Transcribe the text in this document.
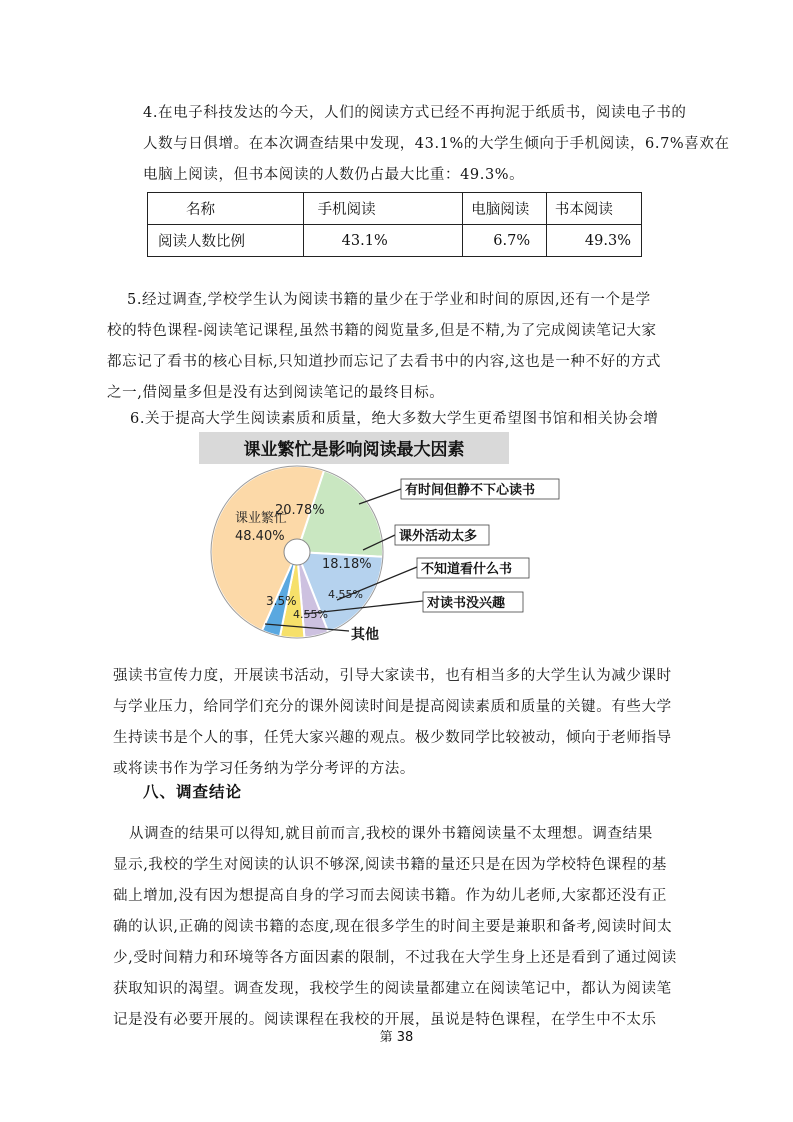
4.在电子科技发达的今天，人们的阅读方式已经不再拘泥于纸质书，阅读电子书的
人数与日俱增。在本次调查结果中发现，43.1%的大学生倾向于手机阅读，6.7%喜欢在
电脑上阅读，但书本阅读的人数仍占最大比重：49.3%。
名称	手机阅读	电脑阅读	书本阅读
阅读人数比例	43.1%	6.7%	49.3%
5.经过调查,学校学生认为阅读书籍的量少在于学业和时间的原因,还有一个是学
校的特色课程-阅读笔记课程,虽然书籍的阅览量多,但是不精,为了完成阅读笔记大家
都忘记了看书的核心目标,只知道抄而忘记了去看书中的内容,这也是一种不好的方式
之一,借阅量多但是没有达到阅读笔记的最终目标。
6.关于提高大学生阅读素质和质量，绝大多数大学生更希望图书馆和相关协会增
课业繁忙是影响阅读最大因素
课业繁忙
48.40%
20.78%
18.18%
4.55%
4.55%
3.5%
有时间但静不下心读书
课外活动太多
不知道看什么书
对读书没兴趣
其他
强读书宣传力度，开展读书活动，引导大家读书，也有相当多的大学生认为减少课时
与学业压力，给同学们充分的课外阅读时间是提高阅读素质和质量的关键。有些大学
生持读书是个人的事，任凭大家兴趣的观点。极少数同学比较被动，倾向于老师指导
或将读书作为学习任务纳为学分考评的方法。
八、调查结论
从调查的结果可以得知,就目前而言,我校的课外书籍阅读量不太理想。调查结果
显示,我校的学生对阅读的认识不够深,阅读书籍的量还只是在因为学校特色课程的基
础上增加,没有因为想提高自身的学习而去阅读书籍。作为幼儿老师,大家都还没有正
确的认识,正确的阅读书籍的态度,现在很多学生的时间主要是兼职和备考,阅读时间太
少,受时间精力和环境等各方面因素的限制，不过我在大学生身上还是看到了通过阅读
获取知识的渴望。调查发现，我校学生的阅读量都建立在阅读笔记中，都认为阅读笔
记是没有必要开展的。阅读课程在我校的开展，虽说是特色课程，在学生中不太乐
第 38
